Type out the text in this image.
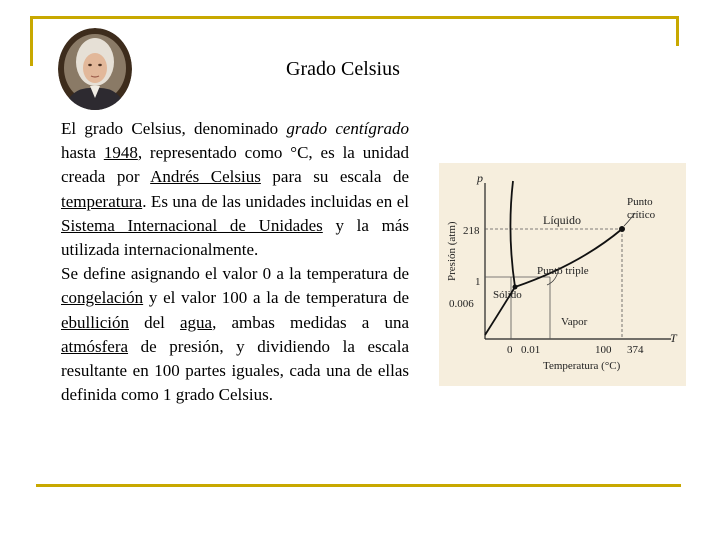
Grado Celsius
El grado Celsius, denominado grado centígrado hasta 1948, representado como °C, es la unidad creada por Andrés Celsius para su escala de temperatura. Es una de las unidades incluidas en el Sistema Internacional de Unidades y la más utilizada internacionalmente.
Se define asignando el valor 0 a la temperatura de congelación y el valor 100 a la de temperatura de ebullición del agua, ambas medidas a una atmósfera de presión, y dividiendo la escala resultante en 100 partes iguales, cada una de ellas definida como 1 grado Celsius.
p
T
Presión (atm)
Temperatura (°C)
218
1
0.006
0 0.01	100 374
Líquido
Sólido
Vapor
Punto triple
Punto crítico
